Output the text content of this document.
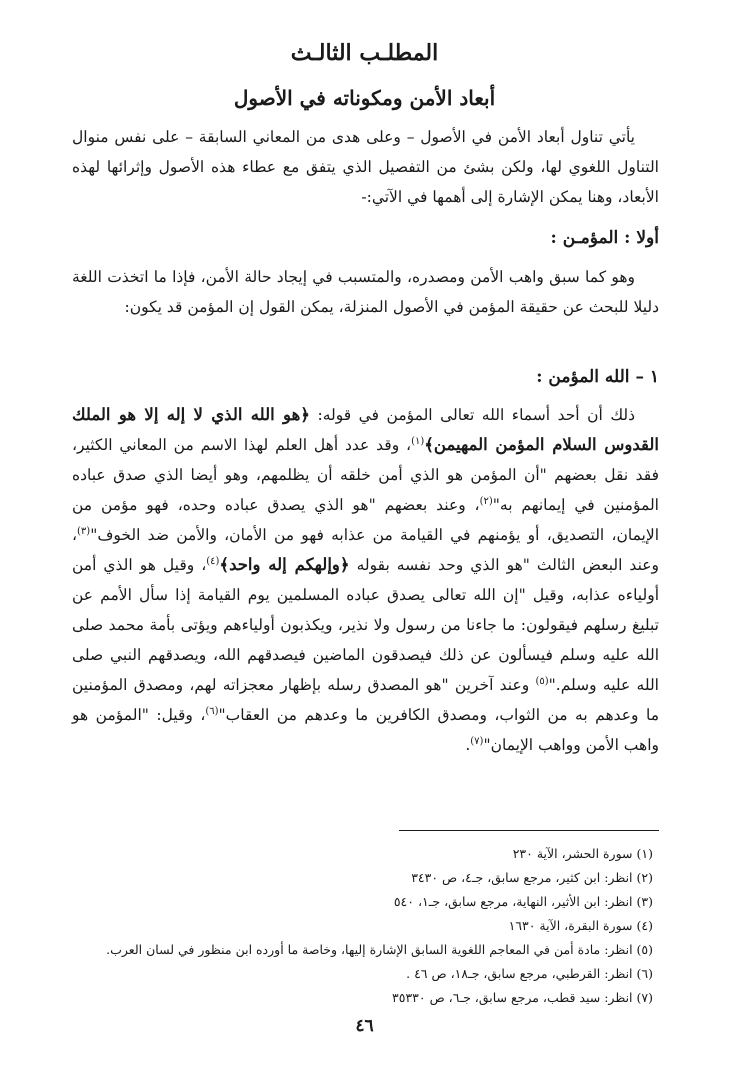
المطلـب الثالـث
أبعاد الأمن ومكوناته في الأصول

يأتي تناول أبعاد الأمن في الأصول – وعلى هدى من المعاني السابقة – على نفس منوال التناول اللغوي لها، ولكن بشئ من التفصيل الذي يتفق مع عطاء هذه الأصول وإثرائها لهذه الأبعاد، وهنا يمكن الإشارة إلى أهمها في الآتي:-

أولا : المؤمـن :

وهو كما سبق واهب الأمن ومصدره، والمتسبب في إيجاد حالة الأمن، فإذا ما اتخذت اللغة دليلا للبحث عن حقيقة المؤمن في الأصول المنزلة، يمكن القول إن المؤمن قد يكون:

١ – الله المؤمن :

ذلك أن أحد أسماء الله تعالى المؤمن في قوله: ﴿هو الله الذي لا إله إلا هو الملك القدوس السلام المؤمن المهيمن﴾$^{(١)}$، وقد عدد أهل العلم لهذا الاسم من المعاني الكثير، فقد نقل بعضهم "أن المؤمن هو الذي أمن خلقه أن يظلمهم، وهو أيضا الذي صدق عباده المؤمنين في إيمانهم به"$^{(٢)}$، وعند بعضهم "هو الذي يصدق عباده وحده، فهو مؤمن من الإيمان، التصديق، أو يؤمنهم في القيامة من عذابه فهو من الأمان، والأمن ضد الخوف"$^{(٣)}$، وعند البعض الثالث "هو الذي وحد نفسه بقوله ﴿وإلهكم إله واحد﴾$^{(٤)}$، وقيل هو الذي أمن أولياءه عذابه، وقيل "إن الله تعالى يصدق عباده المسلمين يوم القيامة إذا سأل الأمم عن تبليغ رسلهم فيقولون: ما جاءنا من رسول ولا نذير، ويكذبون أولياءهم ويؤتى بأمة محمد صلى الله عليه وسلم فيسألون عن ذلك فيصدقون الماضين فيصدقهم الله، ويصدقهم النبي صلى الله عليه وسلم."$^{(٥)}$ وعند آخرين "هو المصدق رسله بإظهار معجزاته لهم، ومصدق المؤمنين ما وعدهم به من الثواب، ومصدق الكافرين ما وعدهم من العقاب"$^{(٦)}$، وقيل: "المؤمن هو واهب الأمن وواهب الإيمان"$^{(٧)}$.

(١) سورة الحشر، الآية ٢٣٠
(٢) انظر: ابن كثير، مرجع سابق، جـ٤، ص ٣٤٣٠
(٣) انظر: ابن الأثير، النهاية، مرجع سابق، جـ١، ٥٤٠
(٤) سورة البقرة، الآية ١٦٣٠
(٥) انظر: مادة أمن في المعاجم اللغوية السابق الإشارة إليها، وخاصة ما أورده ابن منظور في لسان العرب.
(٦) انظر: القرطبي، مرجع سابق، جـ١٨، ص ٤٦ .
(٧) انظر: سيد قطب، مرجع سابق، جـ٦، ص ٣٥٣٣٠
٤٦
